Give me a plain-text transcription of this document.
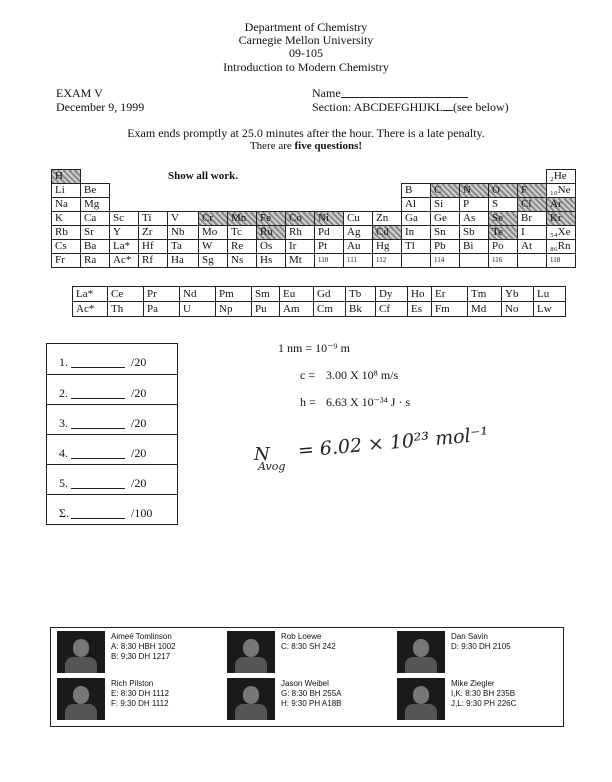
Department of Chemistry
Carnegie Mellon University
09-105
Introduction to Modern Chemistry
EXAM V
December 9, 1999
Name
Section: ABCDEFGHIJKL (see below)
Exam ends promptly at 25.0 minutes after the hour. There is a late penalty.
There are five questions!
H																	₂He
Li	Be											B	C	N	O	F	₁₀Ne
Na	Mg											Al	Si	P	S	Cl	Ar
K	Ca	Sc	Ti	V	Cr	Mn	Fe	Co	Ni	Cu	Zn	Ga	Ge	As	Se	Br	Kr
Rb	Sr	Y	Zr	Nb	Mo	Tc	Ru	Rh	Pd	Ag	Cd	In	Sn	Sb	Te	I	₅₄Xe
Cs	Ba	La*	Hf	Ta	W	Re	Os	Ir	Pt	Au	Hg	Tl	Pb	Bi	Po	At	₈₆Rn
Fr	Ra	Ac*	Rf	Ha	Sg	Ns	Hs	Mt	110	111	112		114		116		118
Show all work.
La*	Ce	Pr	Nd	Pm	Sm	Eu	Gd	Tb	Dy	Ho	Er	Tm	Yb	Lu
Ac*	Th	Pa	U	Np	Pu	Am	Cm	Bk	Cf	Es	Fm	Md	No	Lw
1.	/20
2.	/20
3.	/20
4.	/20
5.	/20
Σ.	/100
1 nm = 10⁻⁹ m
c = 3.00 X 10⁸ m/s
h = 6.63 X 10⁻³⁴ J · s
N
Avog
= 6.02 × 10²³ mol⁻¹
Aimeé Tomlinson
A: 8:30 HBH 1002
B: 9:30 DH 1217
Rob Loewe
C: 8:30 SH 242
Dan Savin
D: 9:30 DH 2105
Rich Pilston
E: 8:30 DH 1112
F: 9:30 DH 1112
Jason Weibel
G: 8:30 BH 255A
H: 9:30 PH A18B
Mike Ziegler
I,K: 8:30 BH 235B
J,L: 9:30 PH 226C
